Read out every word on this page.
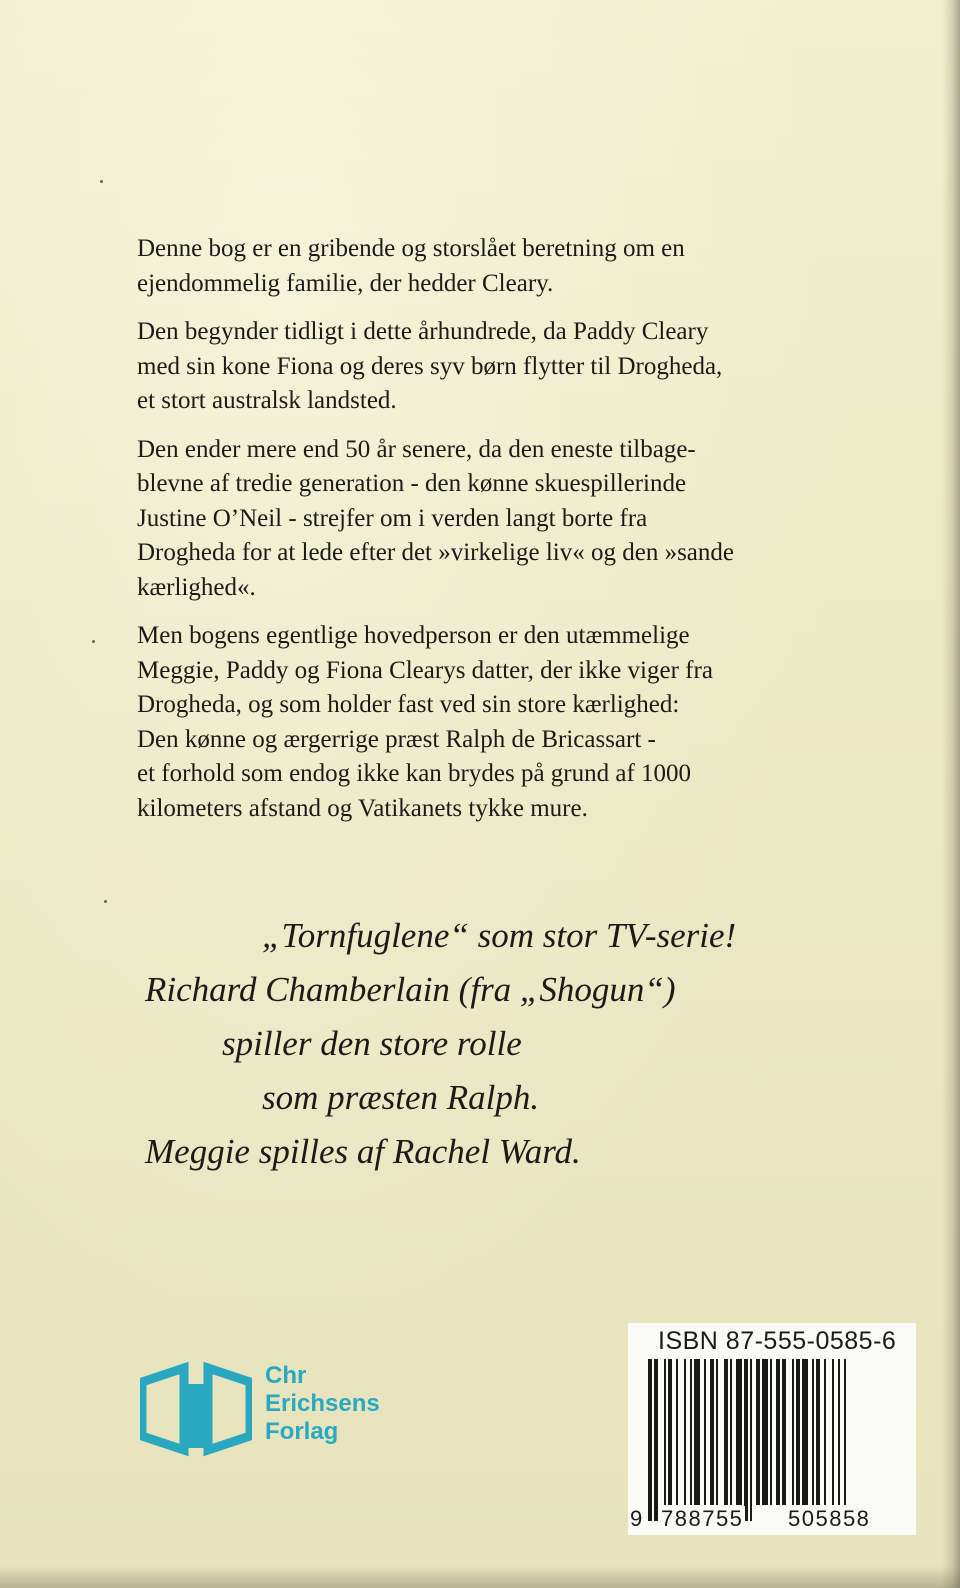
Denne bog er en gribende og storslået beretning om en
ejendommelig familie, der hedder Cleary.

Den begynder tidligt i dette århundrede, da Paddy Cleary
med sin kone Fiona og deres syv børn flytter til Drogheda,
et stort australsk landsted.

Den ender mere end 50 år senere, da den eneste tilbage-
blevne af tredie generation - den kønne skuespillerinde
Justine O’Neil - strejfer om i verden langt borte fra
Drogheda for at lede efter det »virkelige liv« og den »sande
kærlighed«.

Men bogens egentlige hovedperson er den utæmmelige
Meggie, Paddy og Fiona Clearys datter, der ikke viger fra
Drogheda, og som holder fast ved sin store kærlighed:
Den kønne og ærgerrige præst Ralph de Bricassart -
et forhold som endog ikke kan brydes på grund af 1000
kilometers afstand og Vatikanets tykke mure.

„Tornfuglene“ som stor TV-serie!
Richard Chamberlain (fra „Shogun“)
spiller den store rolle
som præsten Ralph.
Meggie spilles af Rachel Ward.
Chr
Erichsens
Forlag
ISBN 87-555-0585-6
9 788755 505858
